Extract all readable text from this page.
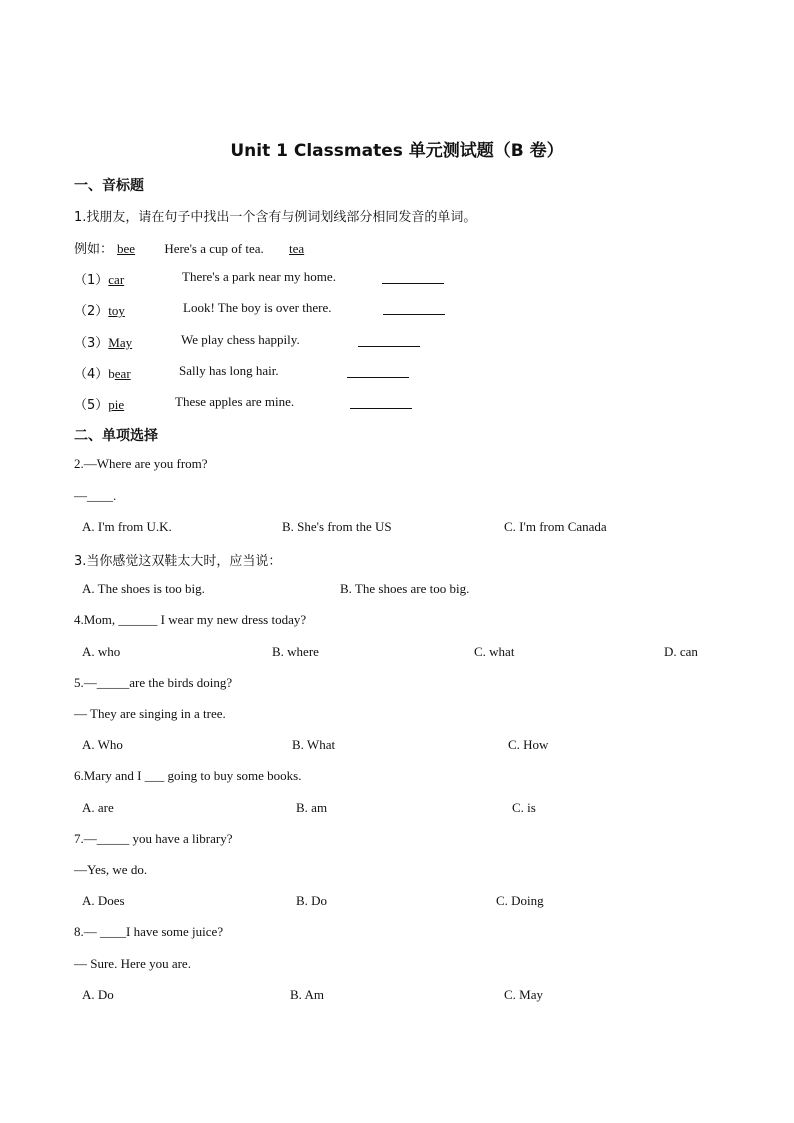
Unit 1 Classmates 单元测试题（B 卷）
一、音标题
1.找朋友，请在句子中找出一个含有与例词划线部分相同发音的单词。
例如： bee Here's a cup of tea. tea
（1）car	There's a park near my home.
（2）toy	Look! The boy is over there.
（3）May	We play chess happily.
（4）bear	Sally has long hair.
（5）pie	These apples are mine.
二、单项选择
2.—Where are you from?
—____.
A. I'm from U.K.	B. She's from the US	C. I'm from Canada
3.当你感觉这双鞋太大时，应当说：
A. The shoes is too big.	B. The shoes are too big.
4.Mom, ______ I wear my new dress today?
A. who	B. where	C. what	D. can
5.—_____are the birds doing?
— They are singing in a tree.
A. Who	B. What	C. How
6.Mary and I ___ going to buy some books.
A. are	B. am	C. is
7.—_____ you have a library?
—Yes, we do.
A. Does	B. Do	C. Doing
8.— ____I have some juice?
— Sure. Here you are.
A. Do	B. Am	C. May
